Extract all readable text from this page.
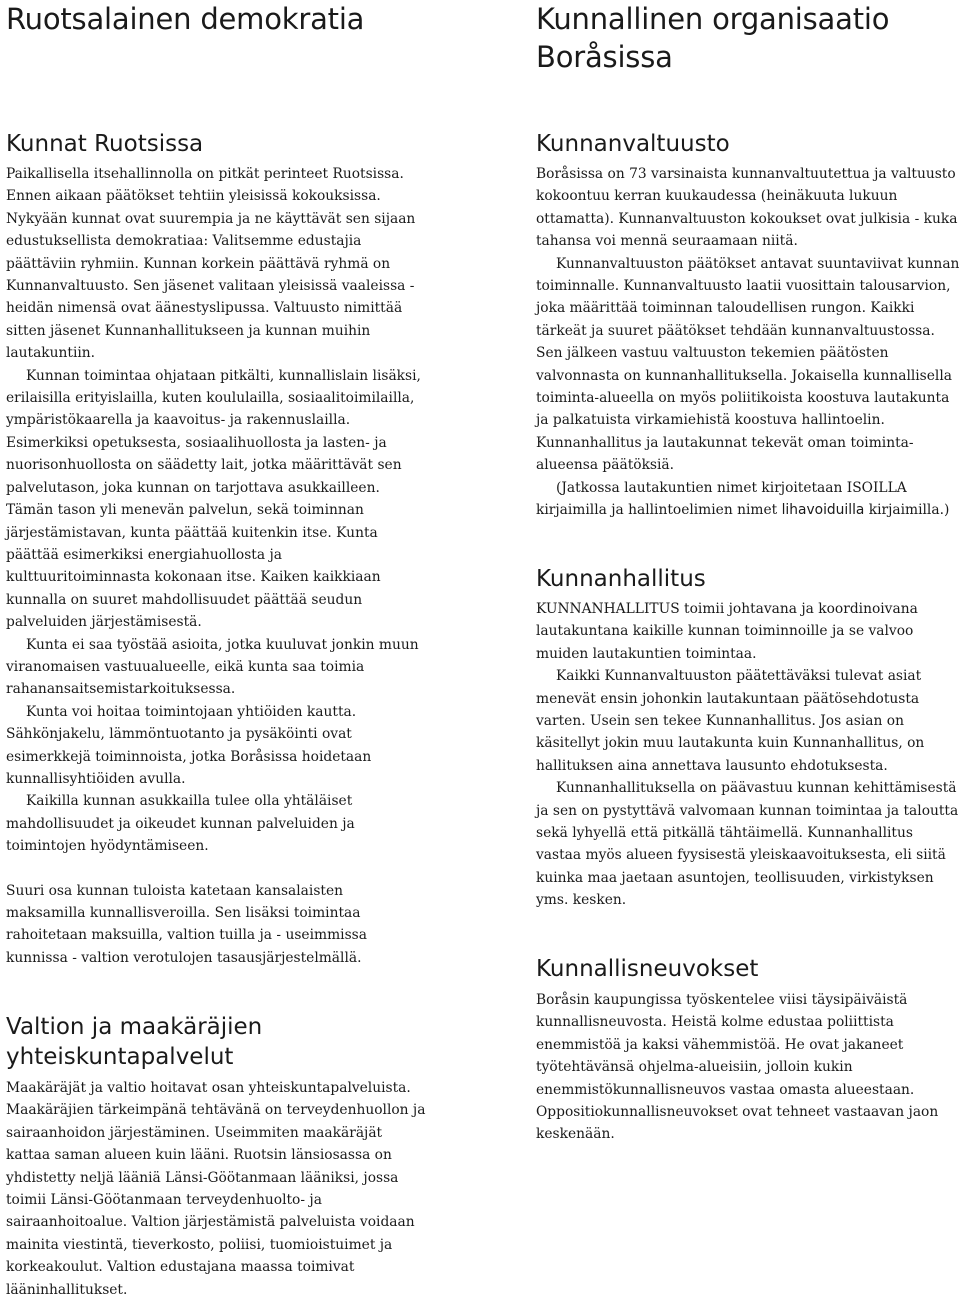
Ruotsalainen demokratia
Kunnat Ruotsissa

Paikallisella itsehallinnolla on pitkät perinteet Ruotsissa. Ennen aikaan päätökset tehtiin yleisissä kokouksissa. Nykyään kunnat ovat suurempia ja ne käyttävät sen sijaan edustuksellista demokratiaa: Valitsemme edustajia päättäviin ryhmiin. Kunnan korkein päättävä ryhmä on Kunnanvaltuusto. Sen jäsenet valitaan yleisissä vaaleissa - heidän nimensä ovat äänestyslipussa. Valtuusto nimittää sitten jäsenet Kunnanhallitukseen ja kunnan muihin lautakuntiin.

Kunnan toimintaa ohjataan pitkälti, kunnallislain lisäksi, erilaisilla erityislailla, kuten koululailla, sosiaalitoimilailla, ympäristökaarella ja kaavoitus- ja rakennuslailla. Esimerkiksi opetuksesta, sosiaalihuollosta ja lasten- ja nuorisonhuollosta on säädetty lait, jotka määrittävät sen palvelutason, joka kunnan on tarjottava asukkailleen. Tämän tason yli menevän palvelun, sekä toiminnan järjestämistavan, kunta päättää kuitenkin itse. Kunta päättää esimerkiksi energiahuollosta ja kulttuuritoiminnasta kokonaan itse. Kaiken kaikkiaan kunnalla on suuret mahdollisuudet päättää seudun palveluiden järjestämisestä.

Kunta ei saa työstää asioita, jotka kuuluvat jonkin muun viranomaisen vastuualueelle, eikä kunta saa toimia rahanansaitsemistarkoituksessa.

Kunta voi hoitaa toimintojaan yhtiöiden kautta. Sähkönjakelu, lämmöntuotanto ja pysäköinti ovat esimerkkejä toiminnoista, jotka Boråsissa hoidetaan kunnallisyhtiöiden avulla.

Kaikilla kunnan asukkailla tulee olla yhtäläiset mahdollisuudet ja oikeudet kunnan palveluiden ja toimintojen hyödyntämiseen.

Suuri osa kunnan tuloista katetaan kansalaisten maksamilla kunnallisveroilla. Sen lisäksi toimintaa rahoitetaan maksuilla, valtion tuilla ja - useimmissa kunnissa - valtion verotulojen tasausjärjestelmällä.

Valtion ja maakäräjien yhteiskuntapalvelut

Maakäräjät ja valtio hoitavat osan yhteiskuntapalveluista. Maakäräjien tärkeimpänä tehtävänä on terveydenhuollon ja sairaanhoidon järjestäminen. Useimmiten maakäräjät kattaa saman alueen kuin lääni. Ruotsin länsiosassa on yhdistetty neljä lääniä Länsi-Göötanmaan lääniksi, jossa toimii Länsi-Göötanmaan terveydenhuolto- ja sairaanhoitoalue. Valtion järjestämistä palveluista voidaan mainita viestintä, tieverkosto, poliisi, tuomioistuimet ja korkeakoulut. Valtion edustajana maassa toimivat lääninhallitukset.

Kunnallinen organisaatio Boråsissa
Kunnanvaltuusto

Boråsissa on 73 varsinaista kunnanvaltuutettua ja valtuusto kokoontuu kerran kuukaudessa (heinäkuuta lukuun ottamatta). Kunnanvaltuuston kokoukset ovat julkisia - kuka tahansa voi mennä seuraamaan niitä.

Kunnanvaltuuston päätökset antavat suuntaviivat kunnan toiminnalle. Kunnanvaltuusto laatii vuosittain talousarvion, joka määrittää toiminnan taloudellisen rungon. Kaikki tärkeät ja suuret päätökset tehdään kunnanvaltuustossa. Sen jälkeen vastuu valtuuston tekemien päätösten valvonnasta on kunnanhallituksella. Jokaisella kunnallisella toiminta-alueella on myös poliitikoista koostuva lautakunta ja palkatuista virkamiehistä koostuva hallintoelin. Kunnanhallitus ja lautakunnat tekevät oman toiminta-alueensa päätöksiä.

(Jatkossa lautakuntien nimet kirjoitetaan ISOILLA kirjaimilla ja hallintoelimien nimet lihavoiduilla kirjaimilla.)

Kunnanhallitus

KUNNANHALLITUS toimii johtavana ja koordinoivana lautakuntana kaikille kunnan toiminnoille ja se valvoo muiden lautakuntien toimintaa.

Kaikki Kunnanvaltuuston päätettäväksi tulevat asiat menevät ensin johonkin lautakuntaan päätösehdotusta varten. Usein sen tekee Kunnanhallitus. Jos asian on käsitellyt jokin muu lautakunta kuin Kunnanhallitus, on hallituksen aina annettava lausunto ehdotuksesta.

Kunnanhallituksella on päävastuu kunnan kehittämisestä ja sen on pystyttävä valvomaan kunnan toimintaa ja taloutta sekä lyhyellä että pitkällä tähtäimellä. Kunnanhallitus vastaa myös alueen fyysisestä yleiskaavoituksesta, eli siitä kuinka maa jaetaan asuntojen, teollisuuden, virkistyksen yms. kesken.

Kunnallisneuvokset

Boråsin kaupungissa työskentelee viisi täysipäiväistä kunnallisneuvosta. Heistä kolme edustaa poliittista enemmistöä ja kaksi vähemmistöä. He ovat jakaneet työtehtävänsä ohjelma-alueisiin, jolloin kukin enemmistökunnallisneuvos vastaa omasta alueestaan. Oppositiokunnallisneuvokset ovat tehneet vastaavan jaon keskenään.
